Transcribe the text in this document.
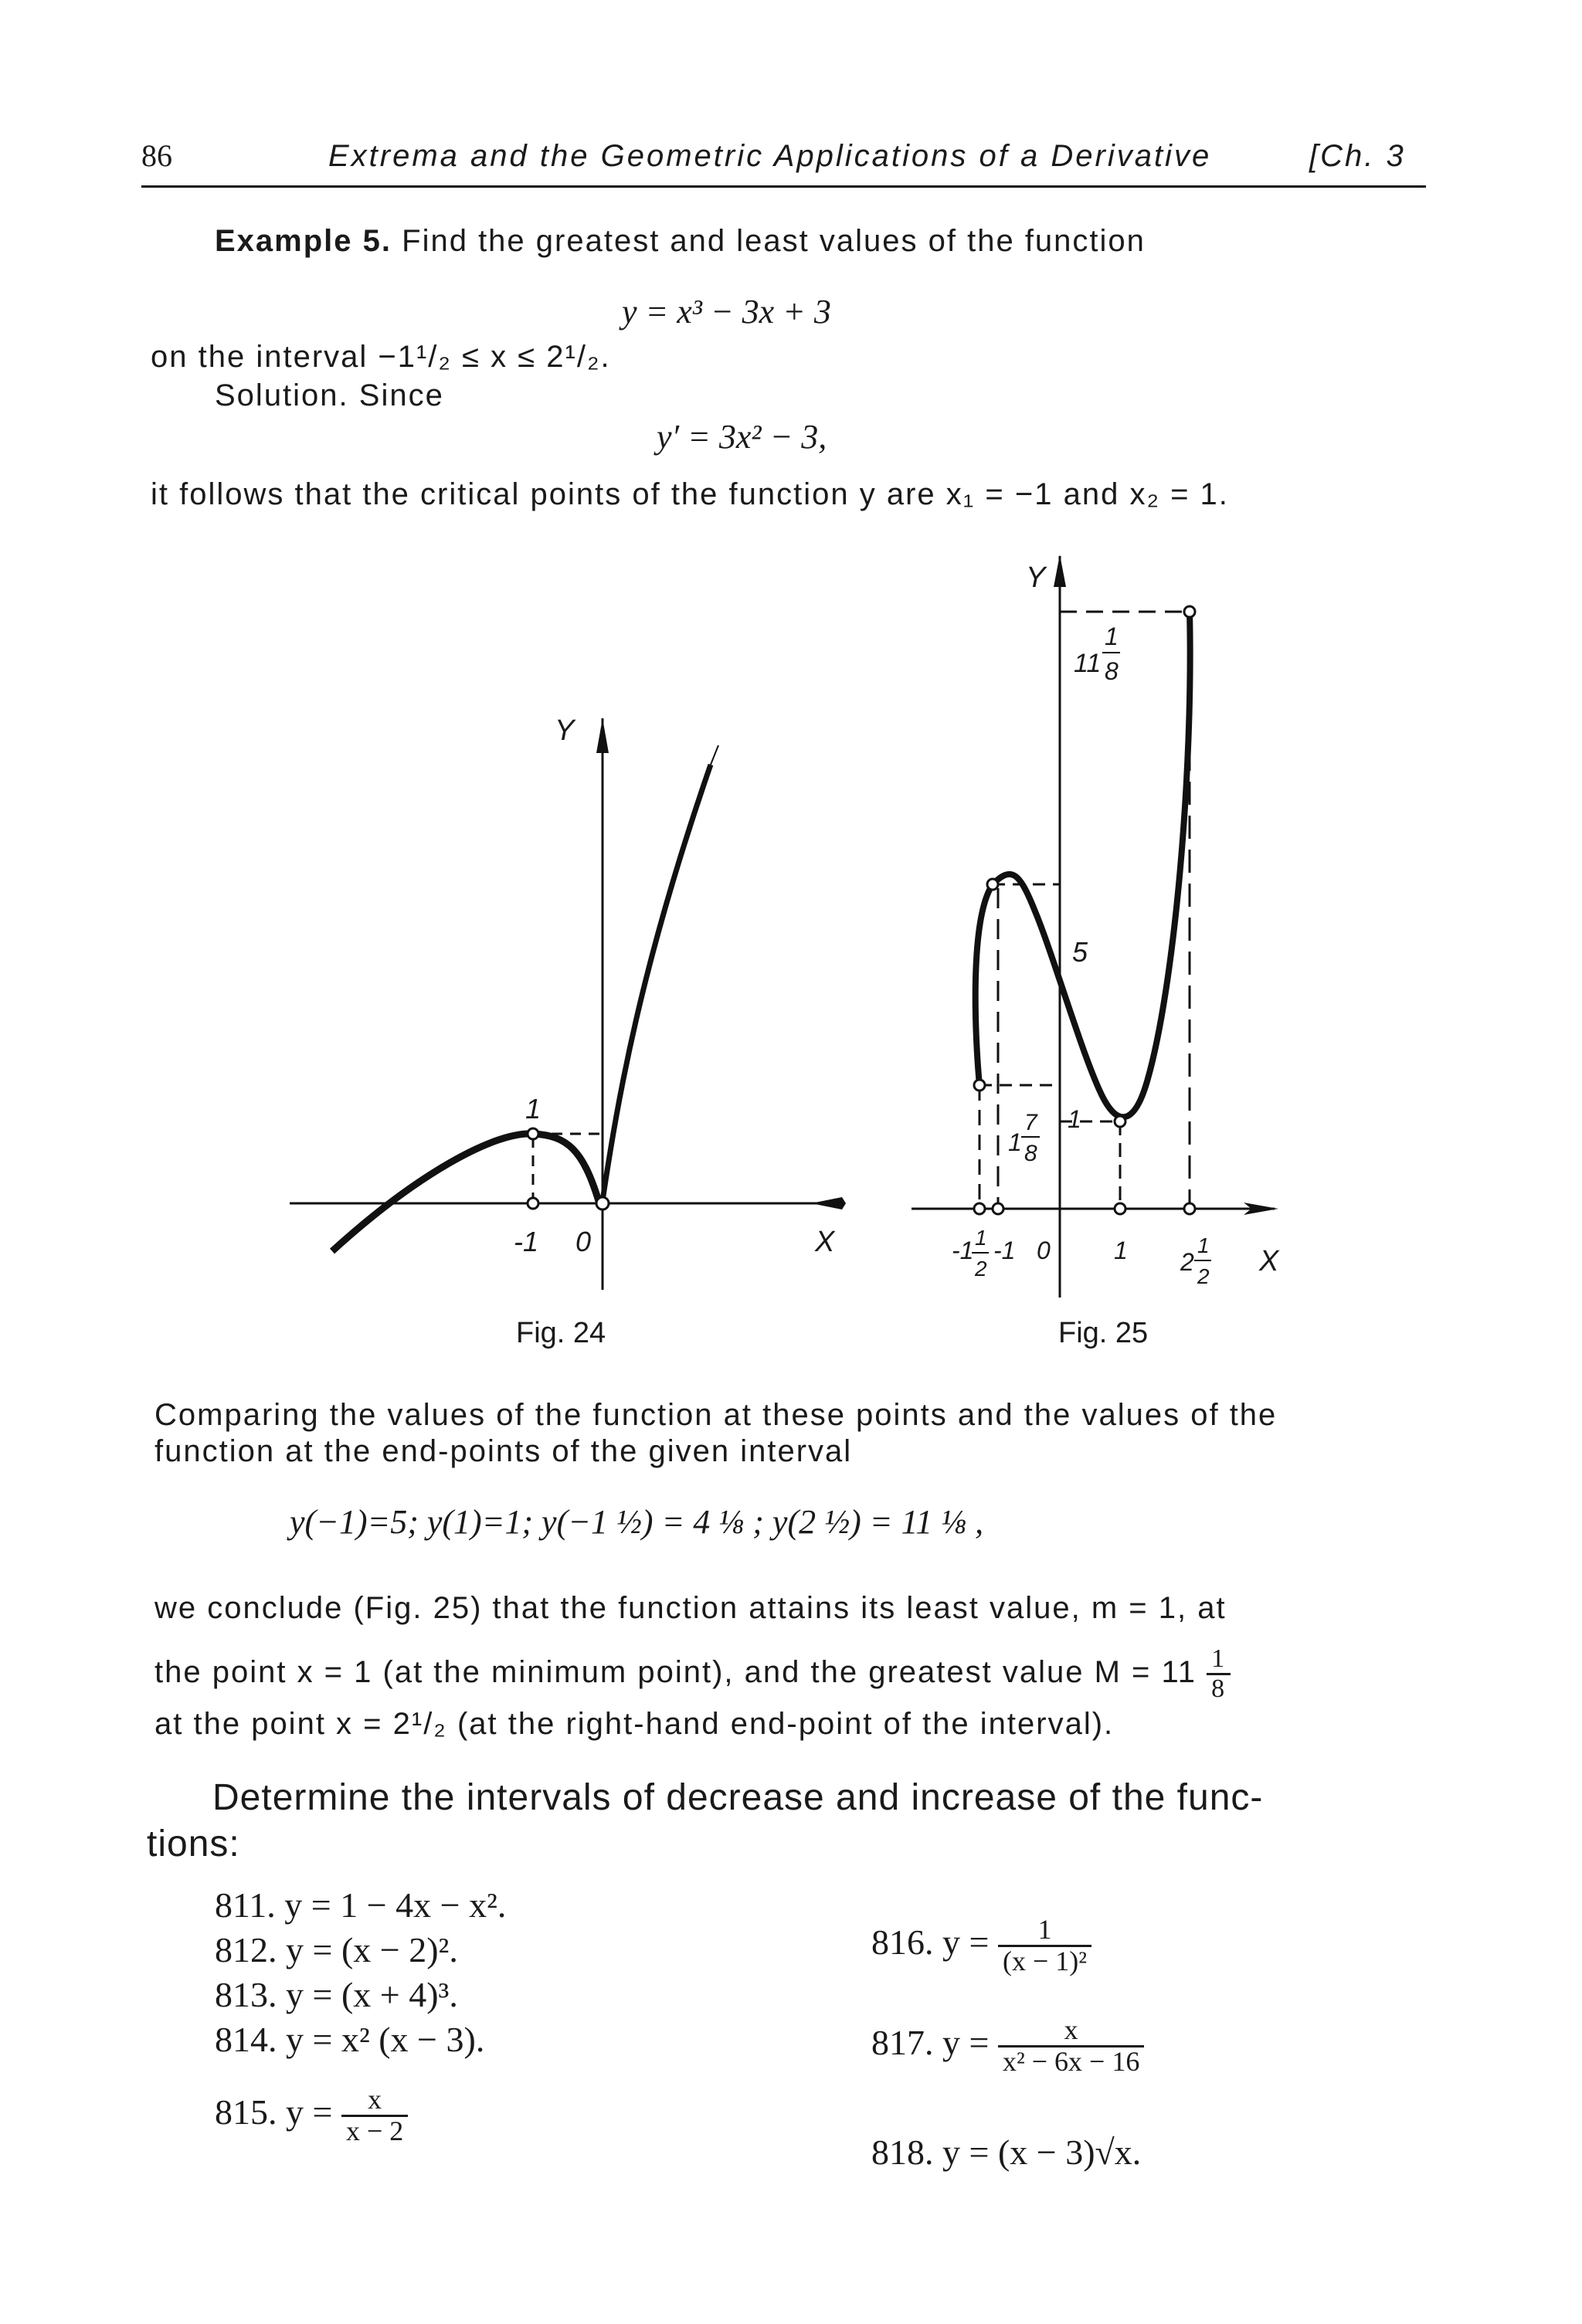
86	Extrema and the Geometric Applications of a Derivative	[Ch. 3
Example 5. Find the greatest and least values of the function
y = x³ − 3x + 3
on the interval −1¹/₂ ≤ x ≤ 2¹/₂.
Solution. Since
y′ = 3x² − 3,
it follows that the critical points of the function y are x₁ = −1 and x₂ = 1.
Y
X
-1 0
1
Fig. 24
Y
X
11
1
8
5
1
7
8
1
-1 1
2
-1 0	1 2
1
2
Fig. 25
Comparing the values of the function at these points and the values of the
function at the end-points of the given interval
y(−1)=5; y(1)=1; y(−1 ½) = 4 ⅛ ; y(2 ½) = 11 ⅛ ,
we conclude (Fig. 25) that the function attains its least value, m = 1, at
the point x = 1 (at the minimum point), and the greatest value $M = 11 \frac{1}{8}$
at the point x = 2¹/₂ (at the right-hand end-point of the interval).
Determine the intervals of decrease and increase of the func-
tions:
811. y = 1 − 4x − x².
812. y = (x − 2)².
813. y = (x + 4)³.
814. y = x² (x − 3).
815. $y = \frac{x}{x - 2}$
816. $y = \frac{1}{\text{(x − 1)²}}$
817. $y = \frac{x}{\text{x² − 6x − 16}}$
818. y = (x − 3)√x.
